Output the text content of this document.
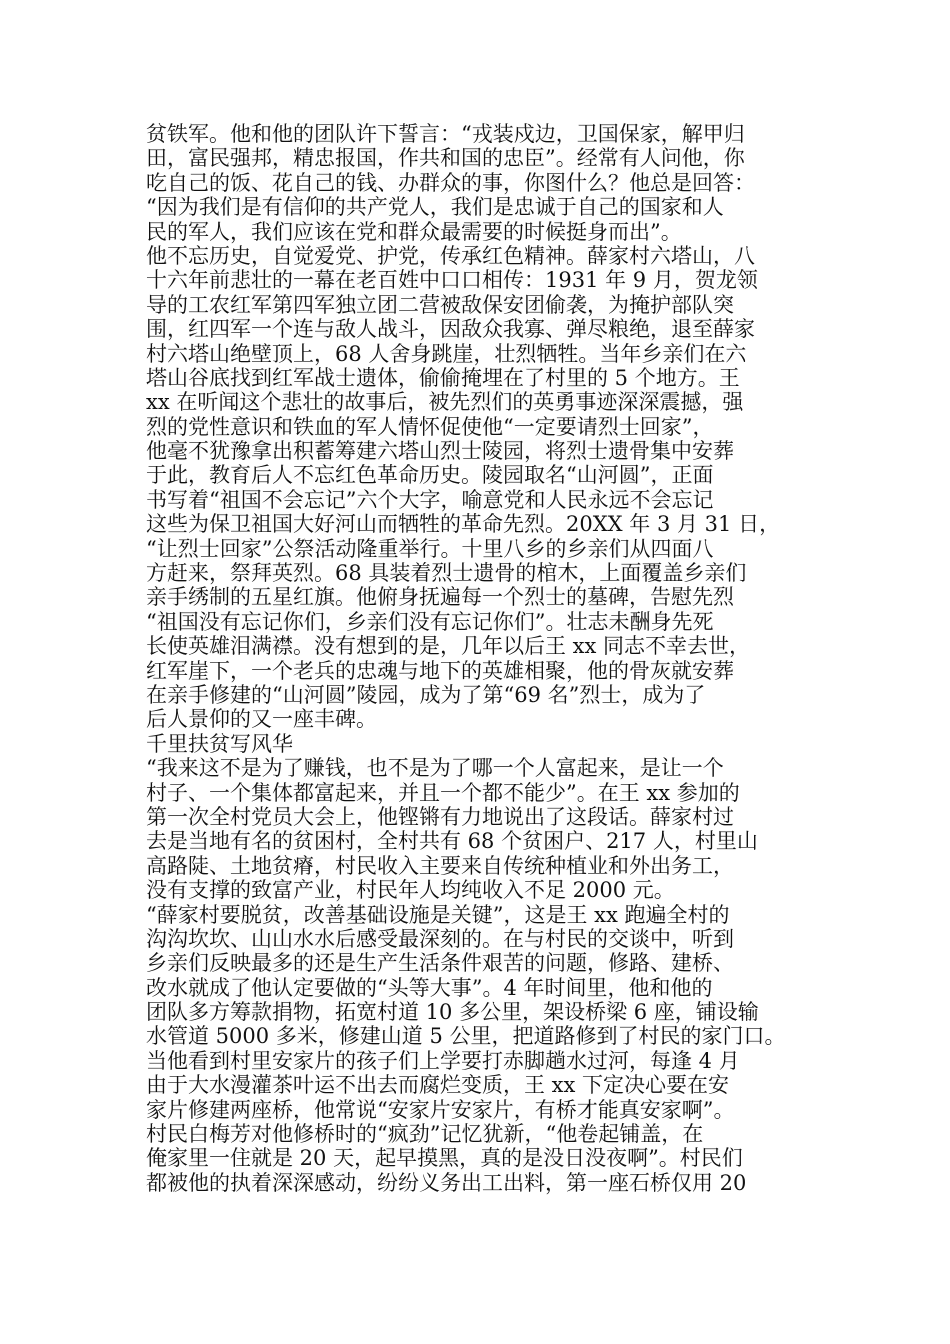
贫铁军。他和他的团队许下誓言：“戎装戍边，卫国保家，解甲归
田，富民强邦，精忠报国，作共和国的忠臣”。经常有人问他，你
吃自己的饭、花自己的钱、办群众的事，你图什么？他总是回答：
“因为我们是有信仰的共产党人，我们是忠诚于自己的国家和人
民的军人，我们应该在党和群众最需要的时候挺身而出”。
他不忘历史，自觉爱党、护党，传承红色精神。薛家村六塔山，八
十六年前悲壮的一幕在老百姓中口口相传：1931 年 9 月，贺龙领
导的工农红军第四军独立团二营被敌保安团偷袭，为掩护部队突
围，红四军一个连与敌人战斗，因敌众我寡、弹尽粮绝，退至薛家
村六塔山绝壁顶上，68 人舍身跳崖，壮烈牺牲。当年乡亲们在六
塔山谷底找到红军战士遗体，偷偷掩埋在了村里的 5 个地方。王
xx 在听闻这个悲壮的故事后，被先烈们的英勇事迹深深震撼，强
烈的党性意识和铁血的军人情怀促使他“一定要请烈士回家”，
他毫不犹豫拿出积蓄筹建六塔山烈士陵园，将烈士遗骨集中安葬
于此，教育后人不忘红色革命历史。陵园取名“山河圆”，正面
书写着“祖国不会忘记”六个大字，喻意党和人民永远不会忘记
这些为保卫祖国大好河山而牺牲的革命先烈。20XX 年 3 月 31 日，
“让烈士回家”公祭活动隆重举行。十里八乡的乡亲们从四面八
方赶来，祭拜英烈。68 具装着烈士遗骨的棺木，上面覆盖乡亲们
亲手绣制的五星红旗。他俯身抚遍每一个烈士的墓碑，告慰先烈
“祖国没有忘记你们，乡亲们没有忘记你们”。壮志未酬身先死
长使英雄泪满襟。没有想到的是，几年以后王 xx 同志不幸去世，
红军崖下，一个老兵的忠魂与地下的英雄相聚，他的骨灰就安葬
在亲手修建的“山河圆”陵园，成为了第“69 名”烈士，成为了
后人景仰的又一座丰碑。
千里扶贫写风华
“我来这不是为了赚钱，也不是为了哪一个人富起来，是让一个
村子、一个集体都富起来，并且一个都不能少”。在王 xx 参加的
第一次全村党员大会上，他铿锵有力地说出了这段话。薛家村过
去是当地有名的贫困村，全村共有 68 个贫困户、217 人，村里山
高路陡、土地贫瘠，村民收入主要来自传统种植业和外出务工，
没有支撑的致富产业，村民年人均纯收入不足 2000 元。
“薛家村要脱贫，改善基础设施是关键”，这是王 xx 跑遍全村的
沟沟坎坎、山山水水后感受最深刻的。在与村民的交谈中，听到
乡亲们反映最多的还是生产生活条件艰苦的问题，修路、建桥、
改水就成了他认定要做的“头等大事”。4 年时间里，他和他的
团队多方筹款捐物，拓宽村道 10 多公里，架设桥梁 6 座，铺设输
水管道 5000 多米，修建山道 5 公里，把道路修到了村民的家门口。
当他看到村里安家片的孩子们上学要打赤脚趟水过河，每逢 4 月
由于大水漫灌茶叶运不出去而腐烂变质，王 xx 下定决心要在安
家片修建两座桥，他常说“安家片安家片，有桥才能真安家啊”。
村民白梅芳对他修桥时的“疯劲”记忆犹新，“他卷起铺盖，在
俺家里一住就是 20 天，起早摸黑，真的是没日没夜啊”。村民们
都被他的执着深深感动，纷纷义务出工出料，第一座石桥仅用 20
